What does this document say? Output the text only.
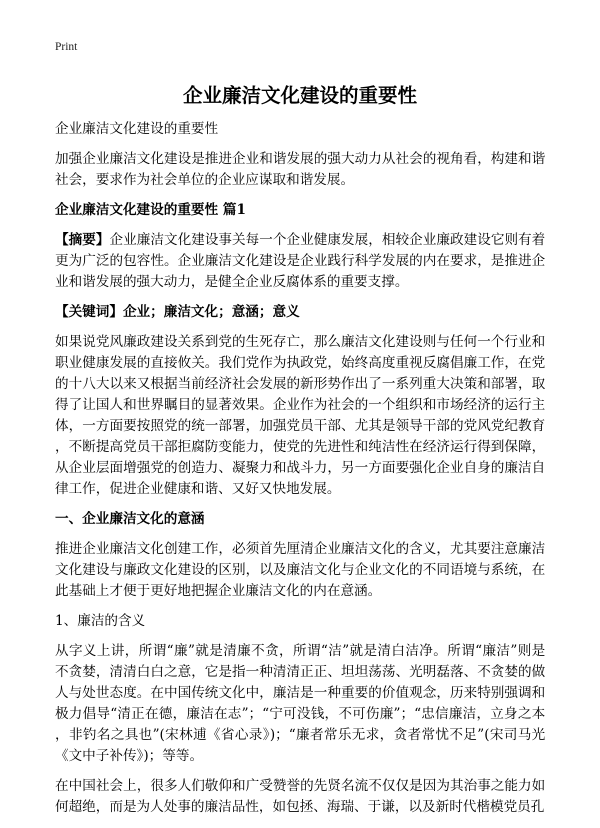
Print
企业廉洁文化建设的重要性

企业廉洁文化建设的重要性

加强企业廉洁文化建设是推进企业和谐发展的强大动力从社会的视角看，构建和谐社会，要求作为社会单位的企业应谋取和谐发展。

企业廉洁文化建设的重要性 篇1

【摘要】企业廉洁文化建设事关每一个企业健康发展，相较企业廉政建设它则有着更为广泛的包容性。企业廉洁文化建设是企业践行科学发展的内在要求，是推进企业和谐发展的强大动力，是健全企业反腐体系的重要支撑。

【关键词】企业；廉洁文化；意涵；意义

如果说党风廉政建设关系到党的生死存亡，那么廉洁文化建设则与任何一个行业和职业健康发展的直接攸关。我们党作为执政党，始终高度重视反腐倡廉工作，在党的十八大以来又根据当前经济社会发展的新形势作出了一系列重大决策和部署，取得了让国人和世界瞩目的显著效果。企业作为社会的一个组织和市场经济的运行主体，一方面要按照党的统一部署，加强党员干部、尤其是领导干部的党风党纪教育，不断提高党员干部拒腐防变能力，使党的先进性和纯洁性在经济运行得到保障，从企业层面增强党的创造力、凝聚力和战斗力，另一方面要强化企业自身的廉洁自律工作，促进企业健康和谐、又好又快地发展。

一、企业廉洁文化的意涵

推进企业廉洁文化创建工作，必须首先厘清企业廉洁文化的含义，尤其要注意廉洁文化建设与廉政文化建设的区别，以及廉洁文化与企业文化的不同语境与系统，在此基础上才便于更好地把握企业廉洁文化的内在意涵。

1、廉洁的含义

从字义上讲，所谓“廉”就是清廉不贪，所谓“洁”就是清白洁净。所谓“廉洁”则是不贪婪，清清白白之意，它是指一种清清正正、坦坦荡荡、光明磊落、不贪婪的做人与处世态度。在中国传统文化中，廉洁是一种重要的价值观念，历来特别强调和极力倡导“清正在德，廉洁在志”；“宁可没钱，不可伤廉”；“忠信廉洁，立身之本，非钓名之具也”(宋林逋《省心录》)；“廉者常乐无求，贪者常忧不足”(宋司马光《文中子补传》)；等等。

在中国社会上，很多人们敬仰和广受赞誉的先贤名流不仅仅是因为其治事之能力如何超绝，而是为人处事的廉洁品性，如包拯、海瑞、于谦，以及新时代楷模党员孔
